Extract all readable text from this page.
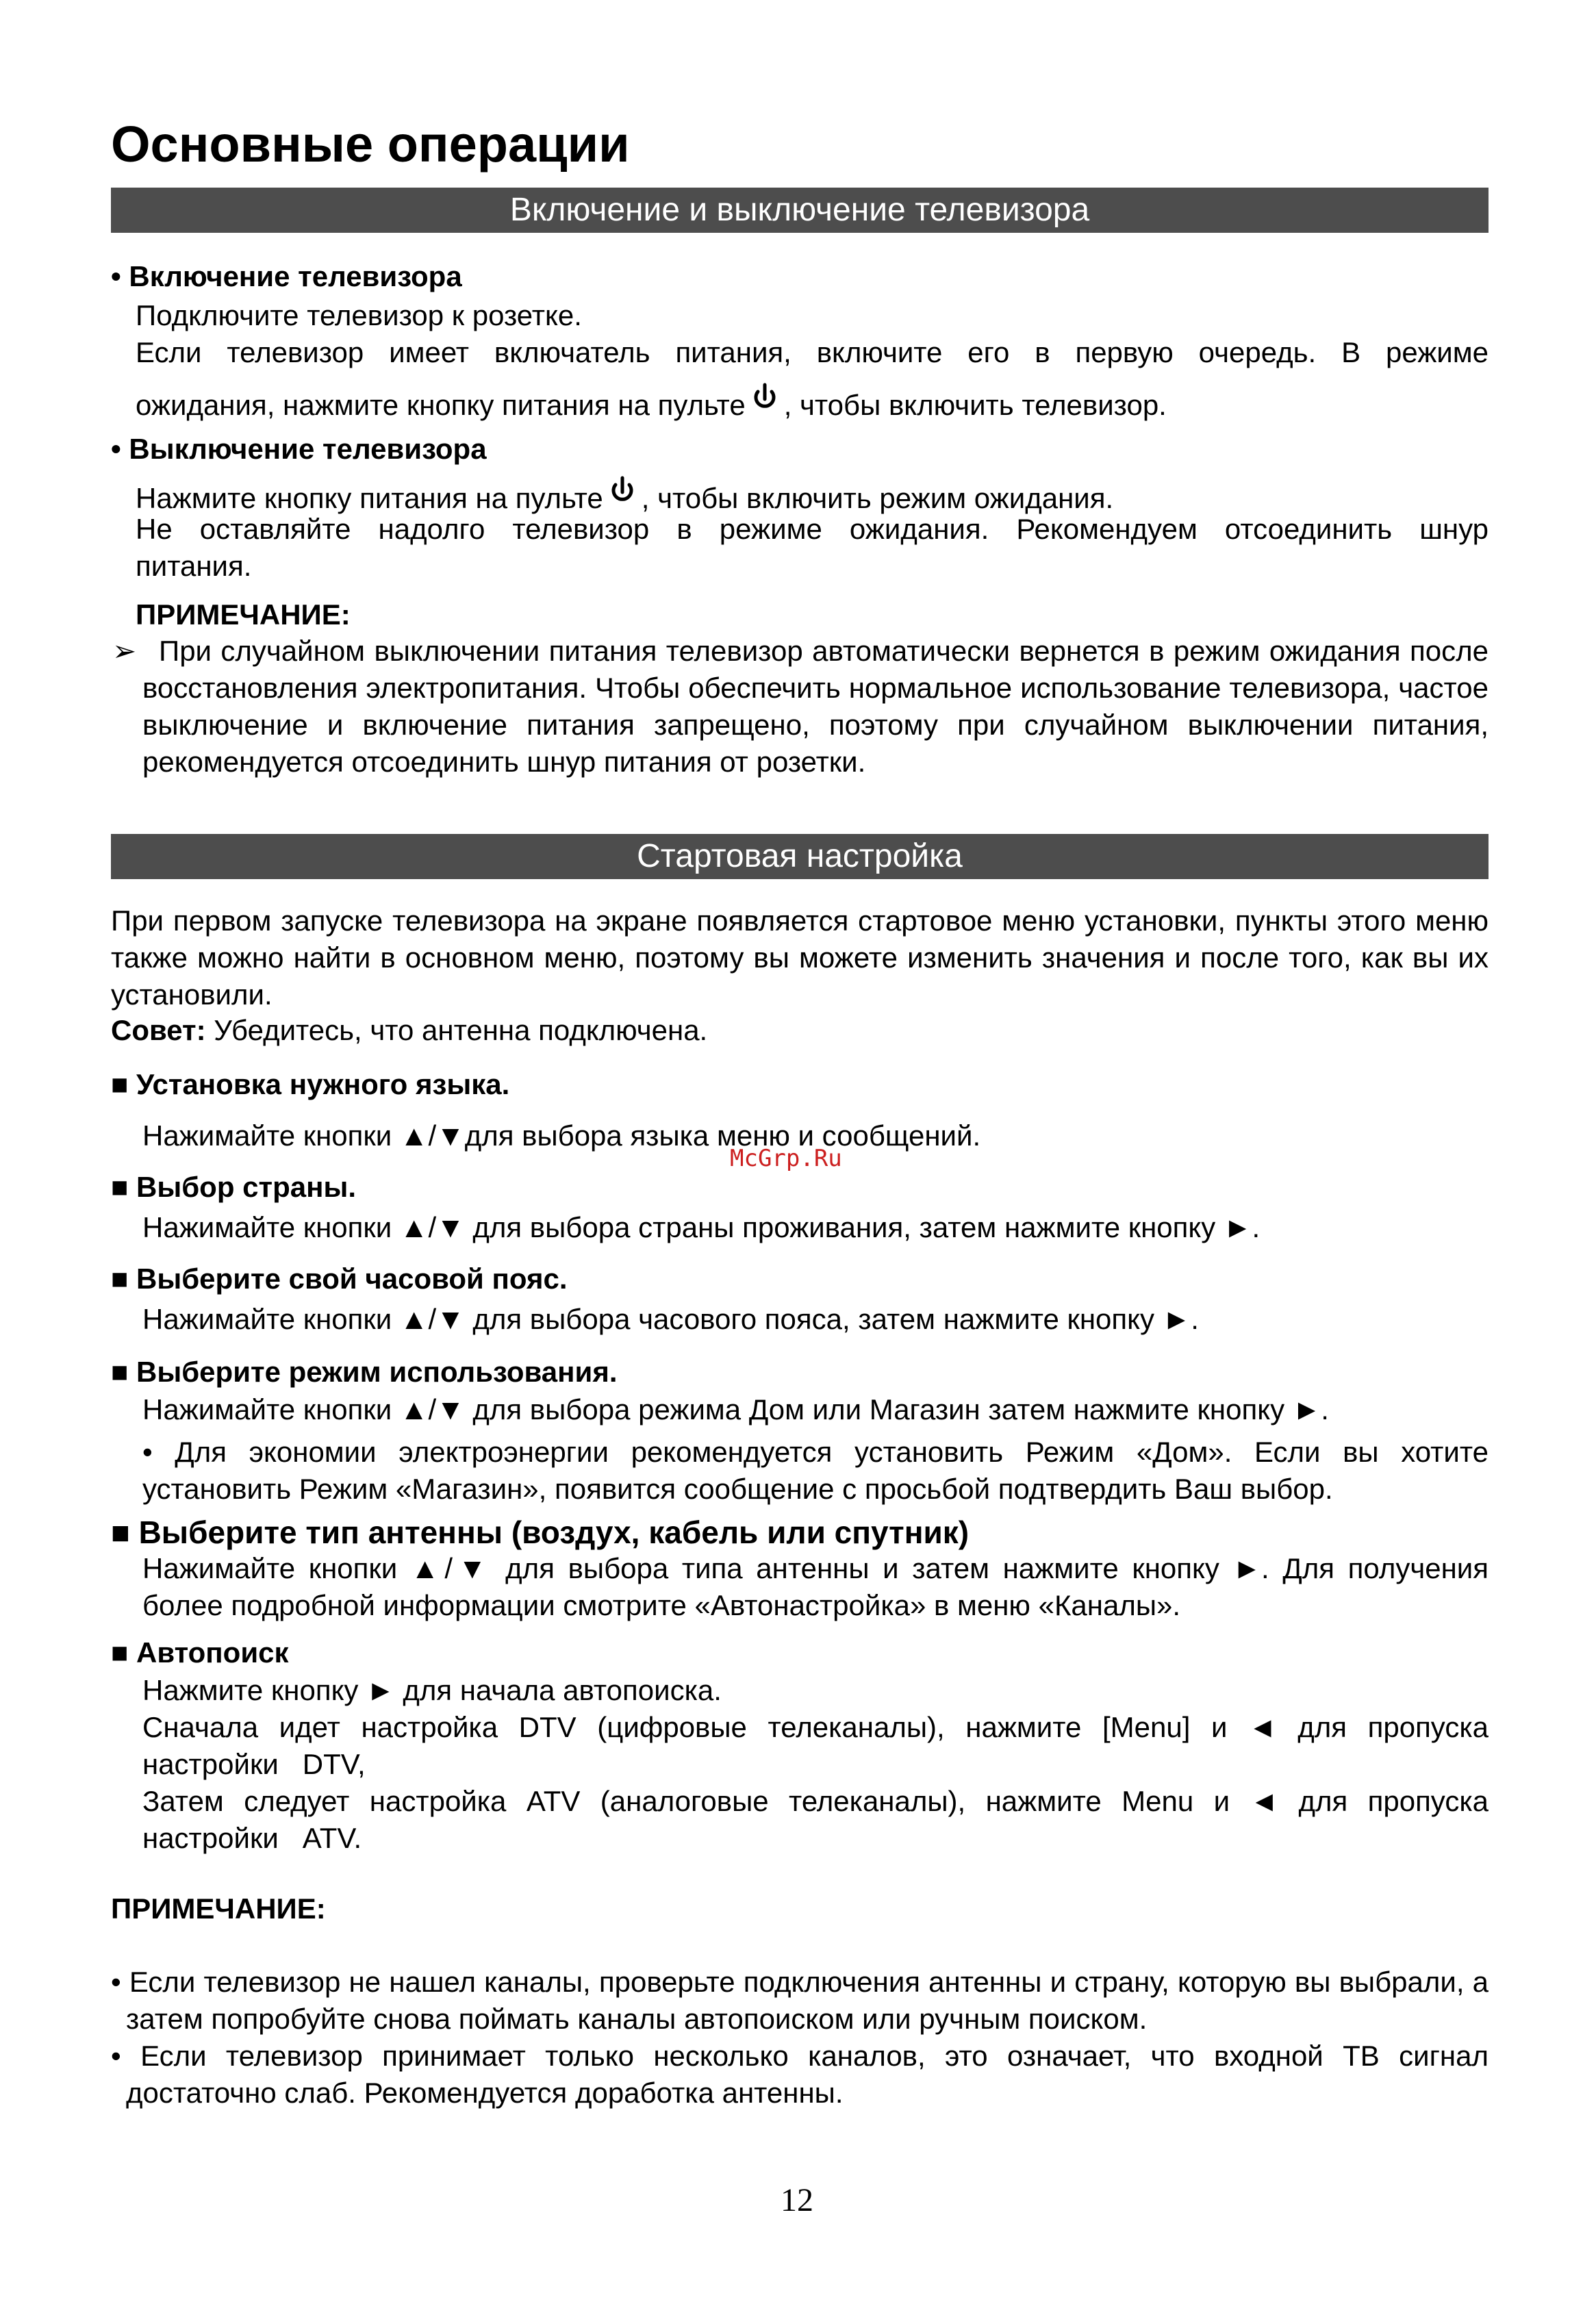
Основные операции
Включение и выключение телевизора
• Включение телевизора
Подключите телевизор к розетке.
Если телевизор имеет включатель питания, включите его в первую очередь. В режиме
ожидания, нажмите кнопку питания на пульте , чтобы включить телевизор.
• Выключение телевизора
Нажмите кнопку питания на пульте , чтобы включить режим ожидания.
Не оставляйте надолго телевизор в режиме ожидания. Рекомендуем отсоединить шнур
питания.
ПРИМЕЧАНИЕ:
➢ При случайном выключении питания телевизор автоматически вернется в режим ожидания после восстановления электропитания. Чтобы обеспечить нормальное использование телевизора, частое выключение и включение питания запрещено, поэтому при случайном выключении питания, рекомендуется отсоединить шнур питания от розетки.
Стартовая настройка
При первом запуске телевизора на экране появляется стартовое меню установки, пункты этого меню также можно найти в основном меню, поэтому вы можете изменить значения и после того, как вы их установили.
Совет: Убедитесь, что антенна подключена.
■ Установка нужного языка.
Нажимайте кнопки ▲/▼для выбора языка меню и сообщений.
McGrp.Ru
■ Выбор страны.
Нажимайте кнопки ▲/▼ для выбора страны проживания, затем нажмите кнопку ►.
■ Выберите свой часовой пояс.
Нажимайте кнопки ▲/▼ для выбора часового пояса, затем нажмите кнопку ►.
■ Выберите режим использования.
Нажимайте кнопки ▲/▼ для выбора режима Дом или Магазин затем нажмите кнопку ►.
• Для экономии электроэнергии рекомендуется установить Режим «Дом». Если вы хотите установить Режим «Магазин», появится сообщение с просьбой подтвердить Ваш выбор.
■ Выберите тип антенны (воздух, кабель или спутник)
Нажимайте кнопки ▲/▼ для выбора типа антенны и затем нажмите кнопку ►. Для получения более подробной информации смотрите «Автонастройка» в меню «Каналы».
■ Автопоиск
Нажмите кнопку ► для начала автопоиска.
Сначала идет настройка DTV (цифровые телеканалы), нажмите [Menu] и ◄ для пропуска
настройки   DTV,
Затем следует настройка ATV (аналоговые телеканалы), нажмите Menu и ◄ для пропуска
настройки   ATV.
ПРИМЕЧАНИЕ:
• Если телевизор не нашел каналы, проверьте подключения антенны и страну, которую вы выбрали, а затем попробуйте снова поймать каналы автопоиском или ручным поиском.
• Если телевизор принимает только несколько каналов, это означает, что входной ТВ сигнал достаточно слаб. Рекомендуется доработка антенны.
12
